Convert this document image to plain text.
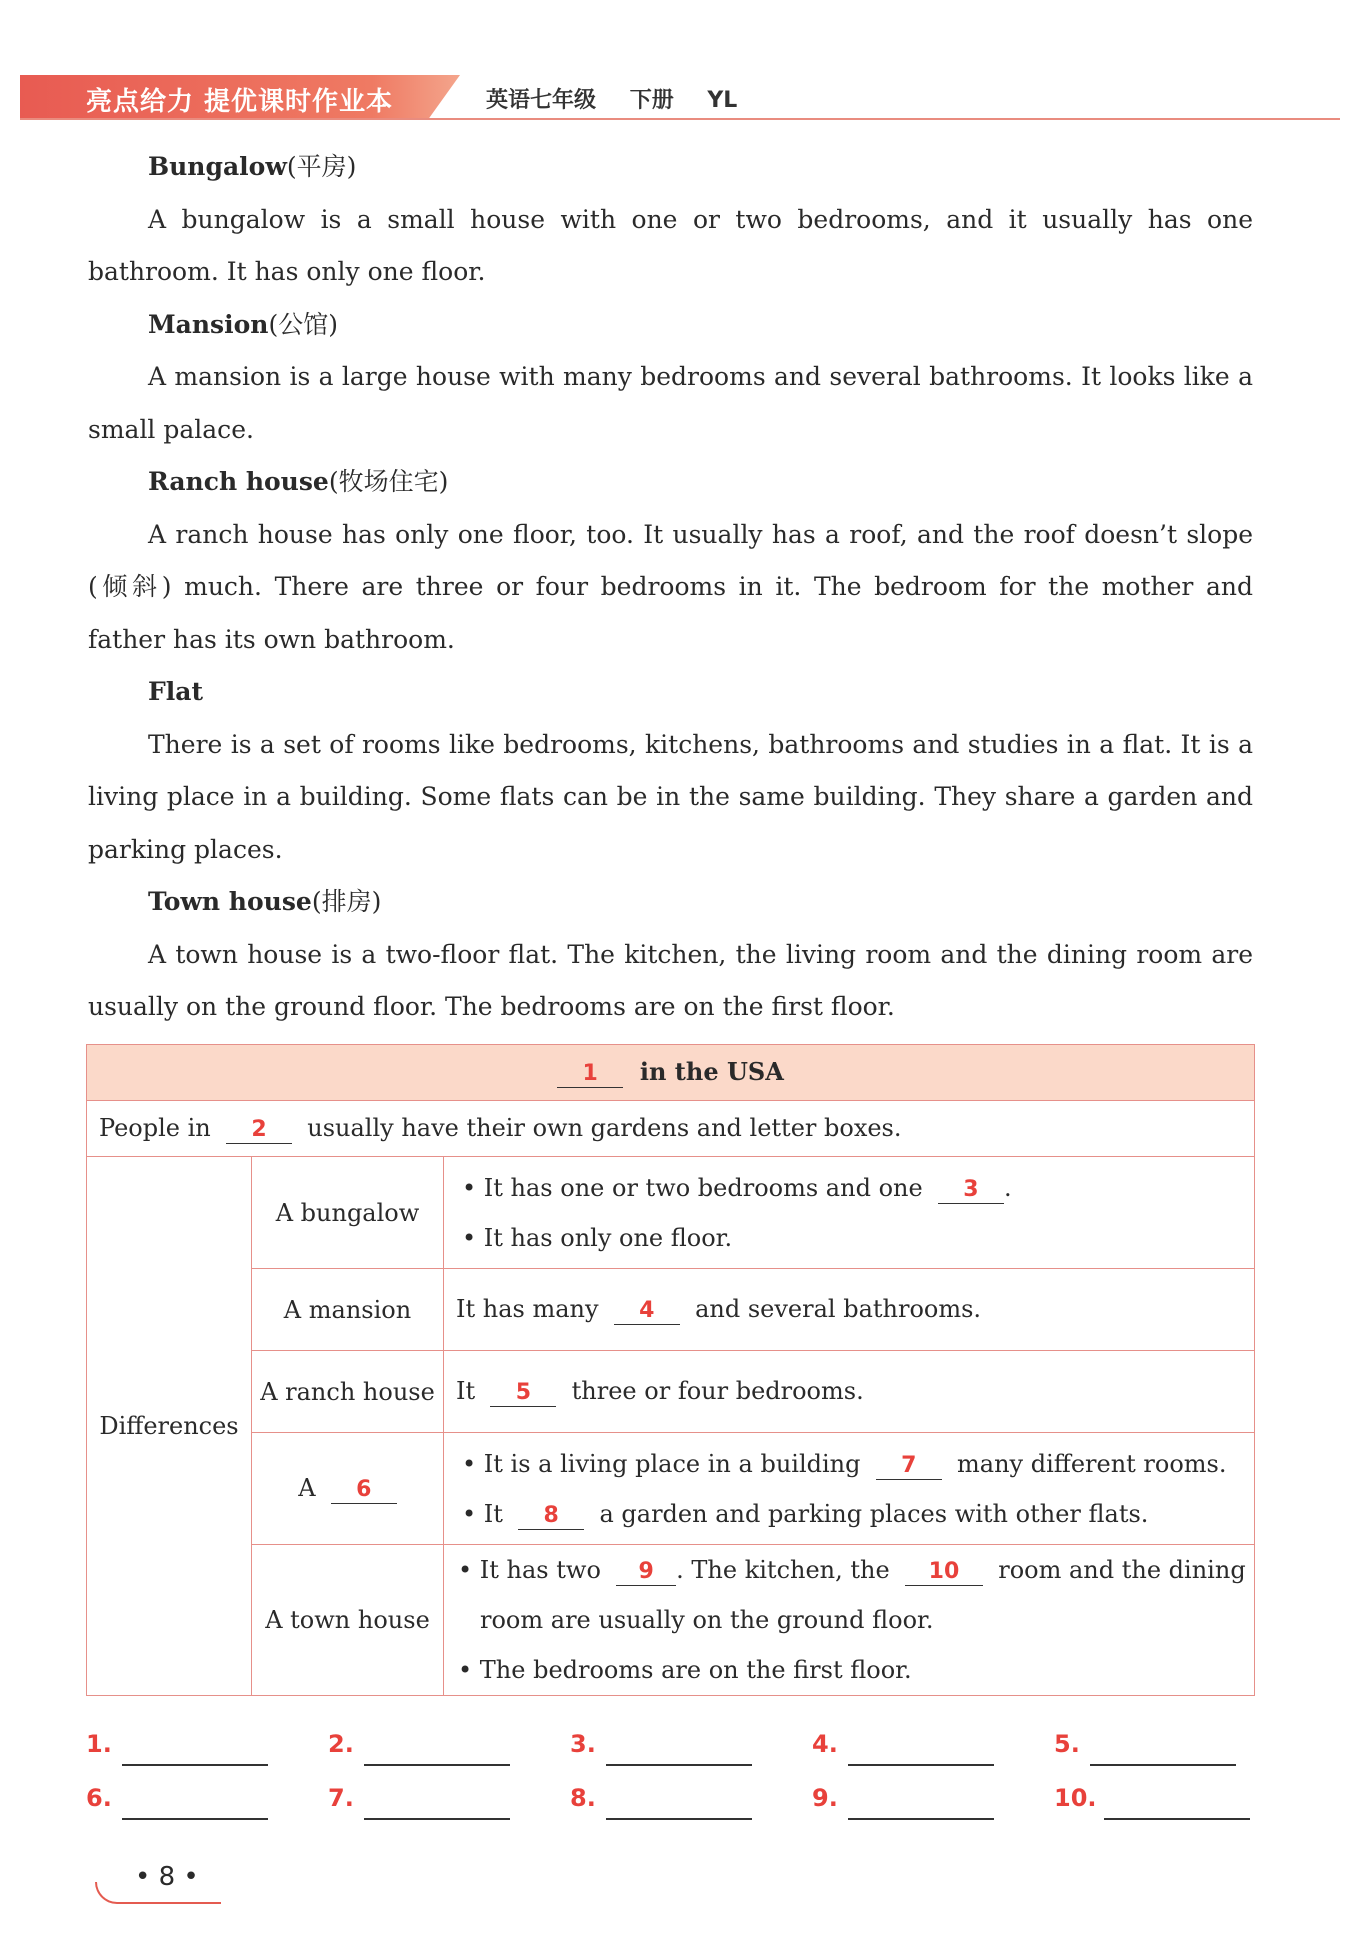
亮点给力 提优课时作业本	英语七年级 下册 YL
Bungalow(平房)
A bungalow is a small house with one or two bedrooms, and it usually has one bathroom. It has only one floor.
Mansion(公馆)
A mansion is a large house with many bedrooms and several bathrooms. It looks like a small palace.
Ranch house(牧场住宅)
A ranch house has only one floor, too. It usually has a roof, and the roof doesn’t slope (倾斜) much. There are three or four bedrooms in it. The bedroom for the mother and father has its own bathroom.
Flat
There is a set of rooms like bedrooms, kitchens, bathrooms and studies in a flat. It is a living place in a building. Some flats can be in the same building. They share a garden and parking places.
Town house(排房)
A town house is a two-floor flat. The kitchen, the living room and the dining room are usually on the ground floor. The bedrooms are on the first floor.
1 in the USA		
People in 2 usually have their own gardens and letter boxes.		
Differences	A bungalow	• It has one or two bedrooms and one 3 .
• It has only one floor.

	A mansion	It has many 4 and several bathrooms.
	A ranch house	It 5 three or four bedrooms.
	A 6	• It is a living place in a building 7 many different rooms.
• It 8 a garden and parking places with other flats.

	A town house	• It has two 9 . The kitchen, the 10 room and the dining
room are usually on the ground floor.
• The bedrooms are on the first floor.
1.	2.	3.	4.	5.
6.	7.	8.	9.	10.
• 8 •
